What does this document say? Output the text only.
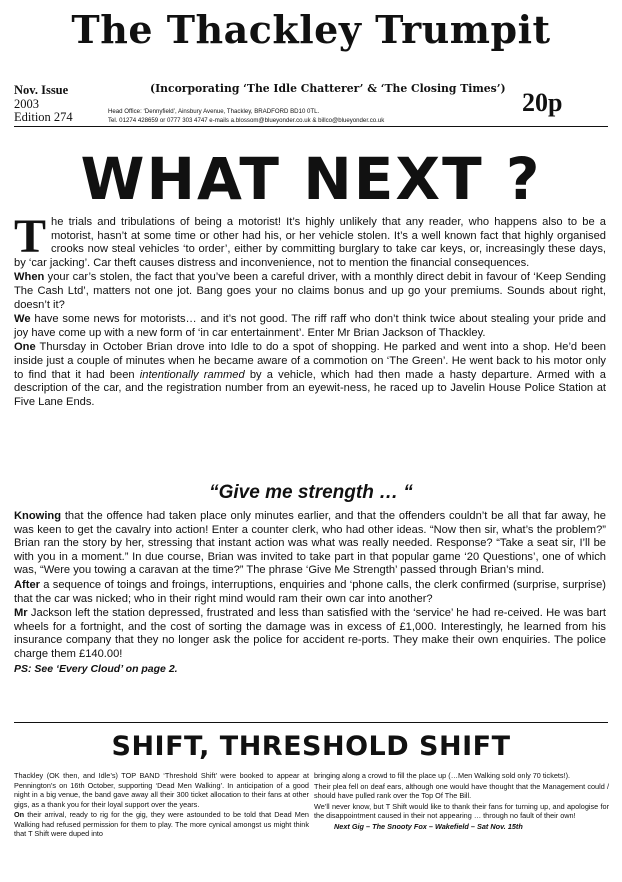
The Thackley Trumpit
Nov. Issue
2003
Edition 274
(Incorporating ‘The Idle Chatterer’ & ‘The Closing Times’)
Head Office: ‘Dennyfield’, Ainsbury Avenue, Thackley, BRADFORD BD10 0TL.
Tel. 01274 428659 or 0777 303 4747 e-mails a.blossom@blueyonder.co.uk & billco@blueyonder.co.uk
20p
WHAT NEXT ?

The trials and tribulations of being a motorist! It’s highly unlikely that any reader, who happens also to be a motorist, hasn’t at some time or other had his, or her vehicle stolen. It’s a well known fact that highly organised crooks now steal vehicles ‘to order’, either by committing burglary to take car keys, or, increasingly these days, by ‘car jacking’. Car theft causes distress and inconvenience, not to mention the financial consequences.

When your car’s stolen, the fact that you’ve been a careful driver, with a monthly direct debit in favour of ‘Keep Sending The Cash Ltd’, matters not one jot. Bang goes your no claims bonus and up go your premiums. Sounds about right, doesn’t it?

We have some news for motorists… and it’s not good. The riff raff who don’t think twice about stealing your pride and joy have come up with a new form of ‘in car entertainment’. Enter Mr Brian Jackson of Thackley.

One Thursday in October Brian drove into Idle to do a spot of shopping. He parked and went into a shop. He’d been inside just a couple of minutes when he became aware of a commotion on ‘The Green’. He went back to his motor only to find that it had been intentionally rammed by a vehicle, which had then made a hasty departure. Armed with a description of the car, and the registration number from an eyewit-ness, he raced up to Javelin House Police Station at Five Lane Ends.

“Give me strength … “

Knowing that the offence had taken place only minutes earlier, and that the offenders couldn’t be all that far away, he was keen to get the cavalry into action! Enter a counter clerk, who had other ideas. “Now then sir, what’s the problem?” Brian ran the story by her, stressing that instant action was what was really needed. Response? “Take a seat sir, I’ll be with you in a moment.” In due course, Brian was invited to take part in that popular game ‘20 Questions’, one of which was, “Were you towing a caravan at the time?” The phrase ‘Give Me Strength’ passed through Brian’s mind.

After a sequence of toings and froings, interruptions, enquiries and ‘phone calls, the clerk confirmed (surprise, surprise) that the car was nicked; who in their right mind would ram their own car into another?

Mr Jackson left the station depressed, frustrated and less than satisfied with the ‘service’ he had re-ceived. He was bart wheels for a fortnight, and the cost of sorting the damage was in excess of £1,000. Interestingly, he learned from his insurance company that they no longer ask the police for accident re-ports. They make their own enquiries. The police charge them £140.00!

PS: See ‘Every Cloud’ on page 2.

SHIFT, THRESHOLD SHIFT

Thackley (OK then, and Idle’s) TOP BAND ‘Threshold Shift’ were booked to appear at Pennington’s on 16th October, supporting ‘Dead Men Walking’. In anticipation of a good night in a big venue, the band gave away all their 300 ticket allocation to their fans at other gigs, as a thank you for their loyal support over the years.

On their arrival, ready to rig for the gig, they were astounded to be told that Dead Men Walking had refused permission for them to play. The more cynical amongst us might think that T Shift were duped into

bringing along a crowd to fill the place up (…Men Walking sold only 70 tickets!).

Their plea fell on deaf ears, although one would have thought that the Management could / should have pulled rank over the Top Of The Bill.

We’ll never know, but T Shift would like to thank their fans for turning up, and apologise for the disappointment caused in their not appearing … through no fault of their own!

Next Gig – The Snooty Fox – Wakefield – Sat Nov. 15th
